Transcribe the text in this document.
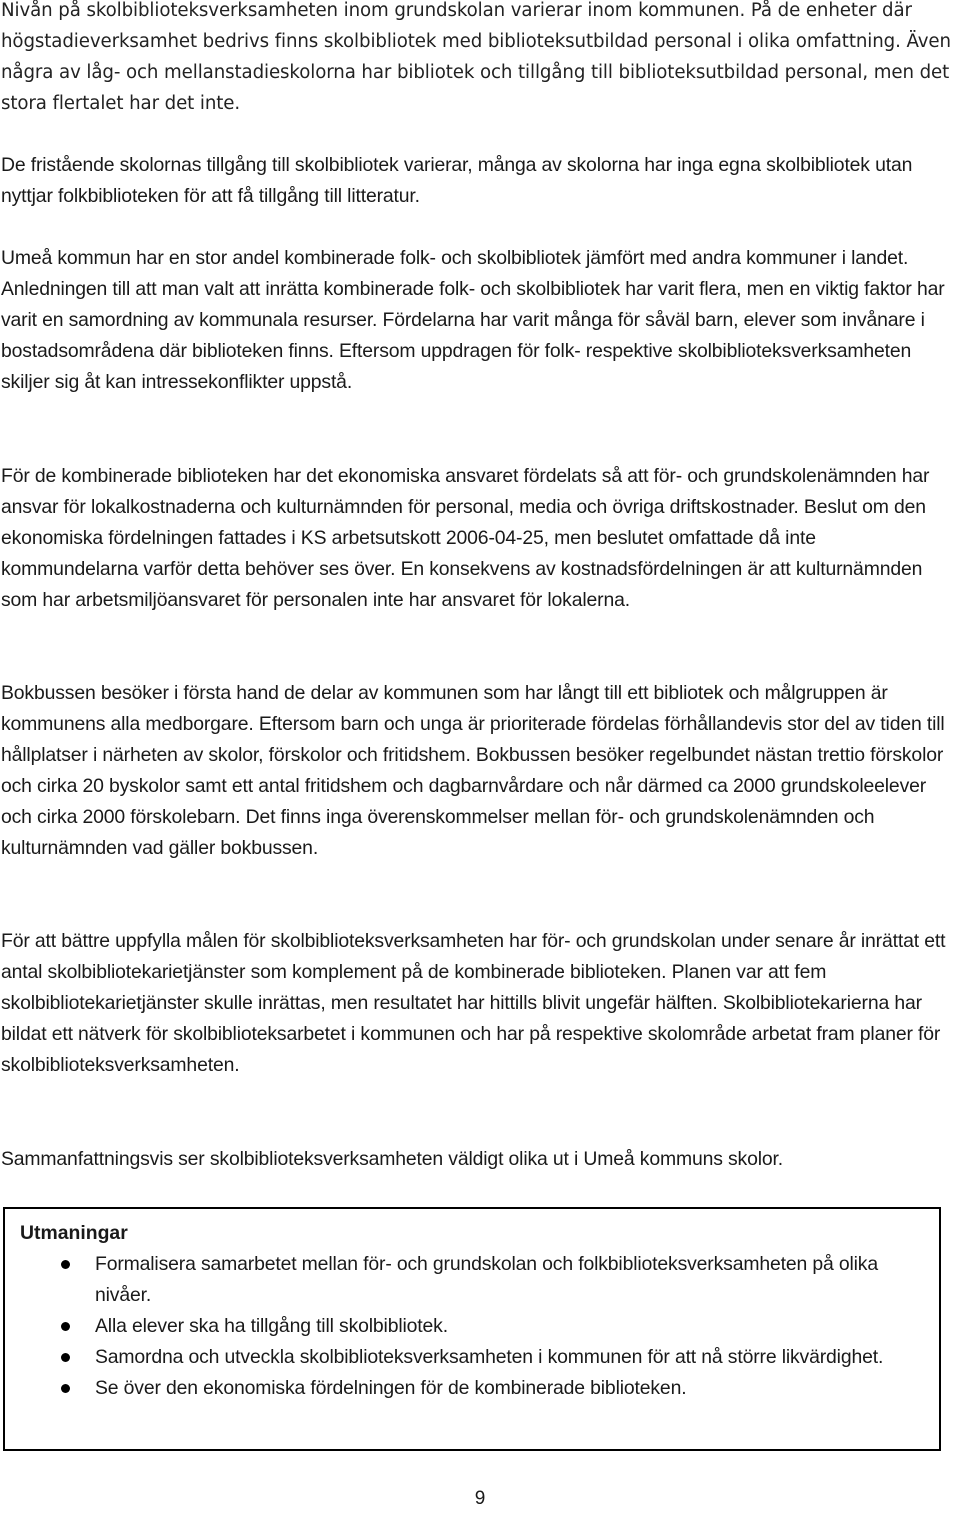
Nivån på skolbiblioteksverksamheten inom grundskolan varierar inom kommunen. På de enheter där högstadieverksamhet bedrivs finns skolbibliotek med biblioteksutbildad personal i olika omfattning. Även några av låg- och mellanstadieskolorna har bibliotek och tillgång till biblioteksutbildad personal, men det stora flertalet har det inte.

De fristående skolornas tillgång till skolbibliotek varierar, många av skolorna har inga egna skolbibliotek utan nyttjar folkbiblioteken för att få tillgång till litteratur.

Umeå kommun har en stor andel kombinerade folk- och skolbibliotek jämfört med andra kommuner i landet. Anledningen till att man valt att inrätta kombinerade folk- och skolbibliotek har varit flera, men en viktig faktor har varit en samordning av kommunala resurser. Fördelarna har varit många för såväl barn, elever som invånare i bostadsområdena där biblioteken finns. Eftersom uppdragen för folk- respektive skolbiblioteksverksamheten skiljer sig åt kan intressekonflikter uppstå.

För de kombinerade biblioteken har det ekonomiska ansvaret fördelats så att för- och grundskolenämnden har ansvar för lokalkostnaderna och kulturnämnden för personal, media och övriga driftskostnader. Beslut om den ekonomiska fördelningen fattades i KS arbetsutskott 2006-04-25, men beslutet omfattade då inte kommundelarna varför detta behöver ses över. En konsekvens av kostnadsfördelningen är att kulturnämnden som har arbetsmiljöansvaret för personalen inte har ansvaret för lokalerna.

Bokbussen besöker i första hand de delar av kommunen som har långt till ett bibliotek och målgruppen är kommunens alla medborgare. Eftersom barn och unga är prioriterade fördelas förhållandevis stor del av tiden till hållplatser i närheten av skolor, förskolor och fritidshem. Bokbussen besöker regelbundet nästan trettio förskolor och cirka 20 byskolor samt ett antal fritidshem och dagbarnvårdare och når därmed ca 2000 grundskoleelever och cirka 2000 förskolebarn. Det finns inga överenskommelser mellan för- och grundskolenämnden och kulturnämnden vad gäller bokbussen.

För att bättre uppfylla målen för skolbiblioteksverksamheten har för- och grundskolan under senare år inrättat ett antal skolbibliotekarietjänster som komplement på de kombinerade biblioteken. Planen var att fem skolbibliotekarietjänster skulle inrättas, men resultatet har hittills blivit ungefär hälften. Skolbibliotekarierna har bildat ett nätverk för skolbiblioteksarbetet i kommunen och har på respektive skolområde arbetat fram planer för skolbiblioteksverksamheten.

Sammanfattningsvis ser skolbiblioteksverksamheten väldigt olika ut i Umeå kommuns skolor.

Utmaningar

Formalisera samarbetet mellan för- och grundskolan och folkbiblioteksverksamheten på olika nivåer.
Alla elever ska ha tillgång till skolbibliotek.
Samordna och utveckla skolbiblioteksverksamheten i kommunen för att nå större likvärdighet.
Se över den ekonomiska fördelningen för de kombinerade biblioteken.
9
